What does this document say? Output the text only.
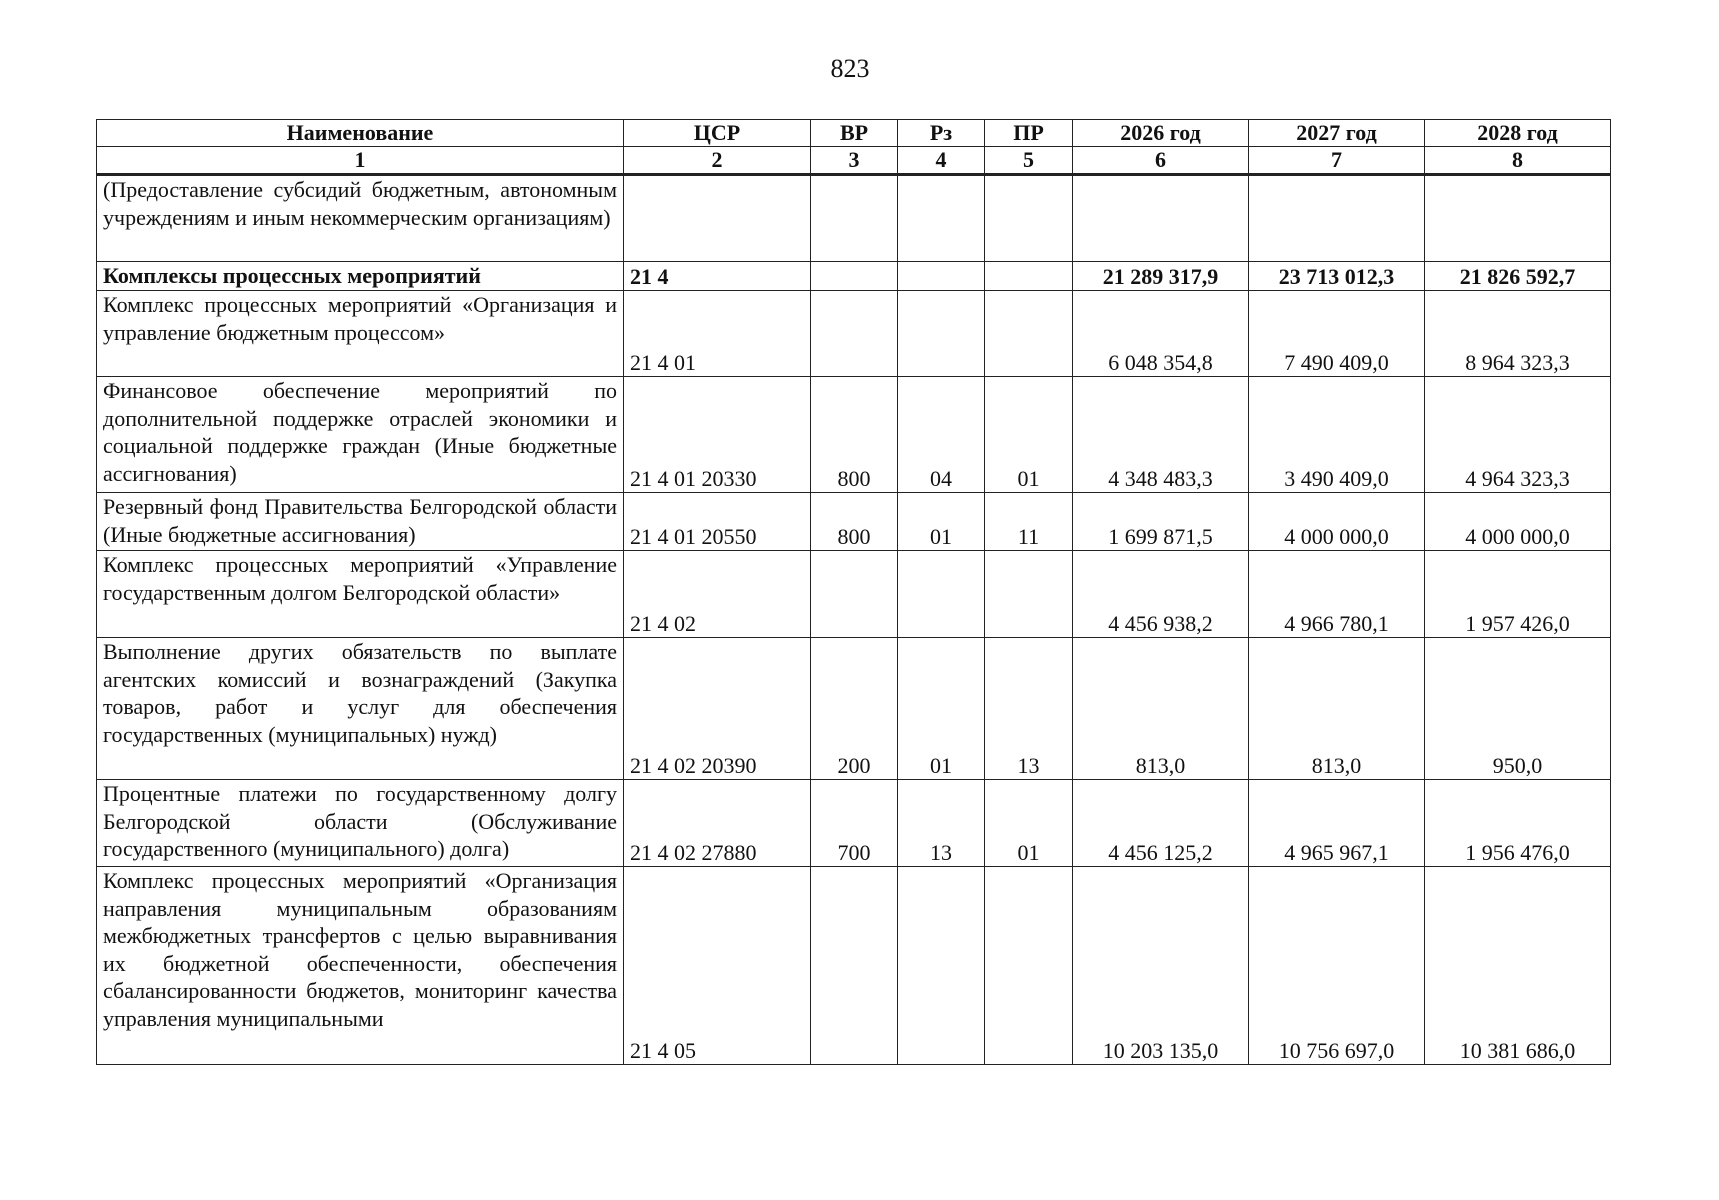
823
Наименование	ЦСР	ВР	Рз	ПР	2026 год	2027 год	2028 год
1	2	3	4	5	6	7	8
(Предоставление субсидий бюджетным, автономным учреждениям и иным некоммерческим организациям)							
Комплексы процессных мероприятий	21 4				21 289 317,9	23 713 012,3	21 826 592,7
Комплекс процессных мероприятий «Организация и управление бюджетным процессом»	21 4 01				6 048 354,8	7 490 409,0	8 964 323,3
Финансовое обеспечение мероприятий по дополнительной поддержке отраслей экономики и социальной поддержке граждан (Иные бюджетные ассигнования)	21 4 01 20330	800	04	01	4 348 483,3	3 490 409,0	4 964 323,3
Резервный фонд Правительства Белгородской области (Иные бюджетные ассигнования)	21 4 01 20550	800	01	11	1 699 871,5	4 000 000,0	4 000 000,0
Комплекс процессных мероприятий «Управление государственным долгом Белгородской области»	21 4 02				4 456 938,2	4 966 780,1	1 957 426,0
Выполнение других обязательств по выплате агентских комиссий и вознаграждений (Закупка товаров, работ и услуг для обеспечения государственных (муниципальных) нужд)	21 4 02 20390	200	01	13	813,0	813,0	950,0
Процентные платежи по государственному долгу Белгородской области (Обслуживание государственного (муниципального) долга)	21 4 02 27880	700	13	01	4 456 125,2	4 965 967,1	1 956 476,0
Комплекс процессных мероприятий «Организация направления муниципальным образованиям межбюджетных трансфертов с целью выравнивания их бюджетной обеспеченности, обеспечения сбалансированности бюджетов, мониторинг качества управления муниципальными	21 4 05				10 203 135,0	10 756 697,0	10 381 686,0
